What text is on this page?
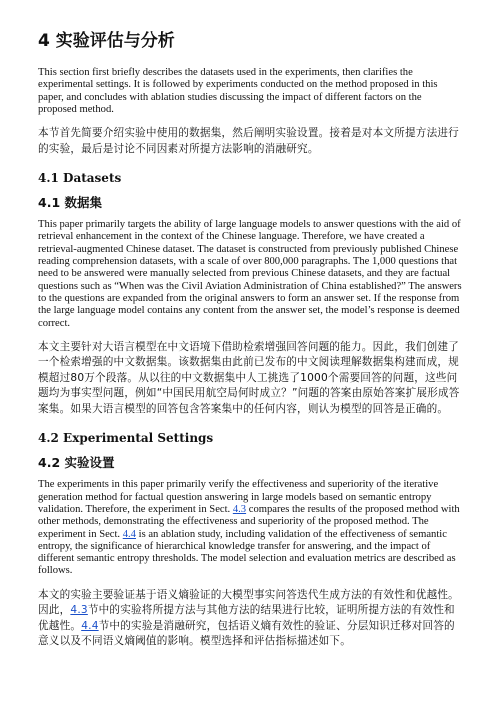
4 实验评估与分析

This section first briefly describes the datasets used in the experiments, then clarifies the experimental settings. It is followed by experiments conducted on the method proposed in this paper, and concludes with ablation studies discussing the impact of different factors on the proposed method.

本节首先简要介绍实验中使用的数据集，然后阐明实验设置。接着是对本文所提方法进行的实验，最后是讨论不同因素对所提方法影响的消融研究。

4.1 Datasets
4.1 数据集

This paper primarily targets the ability of large language models to answer questions with the aid of retrieval enhancement in the context of the Chinese language. Therefore, we have created a retrieval-augmented Chinese dataset. The dataset is constructed from previously published Chinese reading comprehension datasets, with a scale of over 800,000 paragraphs. The 1,000 questions that need to be answered were manually selected from previous Chinese datasets, and they are factual questions such as “When was the Civil Aviation Administration of China established?” The answers to the questions are expanded from the original answers to form an answer set. If the response from the large language model contains any content from the answer set, the model’s response is deemed correct.

本文主要针对大语言模型在中文语境下借助检索增强回答问题的能力。因此，我们创建了一个检索增强的中文数据集。该数据集由此前已发布的中文阅读理解数据集构建而成，规模超过80万个段落。从以往的中文数据集中人工挑选了1000个需要回答的问题，这些问题均为事实型问题，例如“中国民用航空局何时成立？”问题的答案由原始答案扩展形成答案集。如果大语言模型的回答包含答案集中的任何内容，则认为模型的回答是正确的。

4.2 Experimental Settings
4.2 实验设置

The experiments in this paper primarily verify the effectiveness and superiority of the iterative generation method for factual question answering in large models based on semantic entropy validation. Therefore, the experiment in Sect. 4.3 compares the results of the proposed method with other methods, demonstrating the effectiveness and superiority of the proposed method. The experiment in Sect. 4.4 is an ablation study, including validation of the effectiveness of semantic entropy, the significance of hierarchical knowledge transfer for answering, and the impact of different semantic entropy thresholds. The model selection and evaluation metrics are described as follows.

本文的实验主要验证基于语义熵验证的大模型事实问答迭代生成方法的有效性和优越性。因此，4.3节中的实验将所提方法与其他方法的结果进行比较，证明所提方法的有效性和优越性。4.4节中的实验是消融研究，包括语义熵有效性的验证、分层知识迁移对回答的意义以及不同语义熵阈值的影响。模型选择和评估指标描述如下。
